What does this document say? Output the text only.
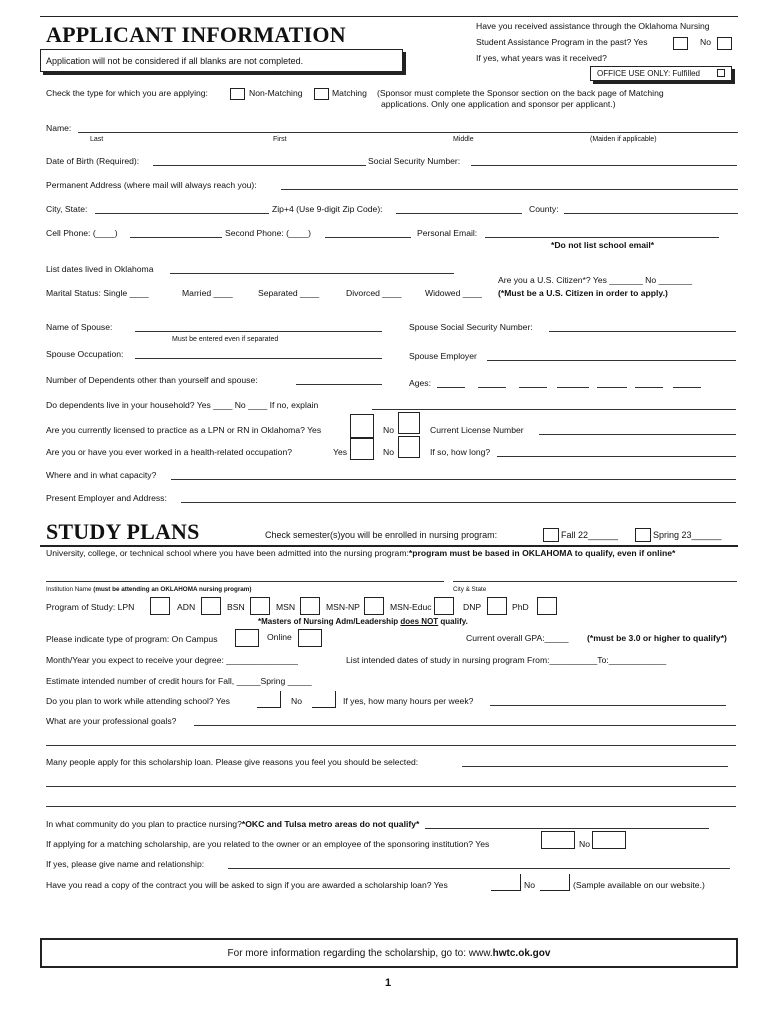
APPLICANT INFORMATION
Application will not be considered if all blanks are not completed.
Have you received assistance through the Oklahoma Nursing
Student Assistance Program in the past? Yes	No
If yes, what years was it received?
OFFICE USE ONLY: Fulfilled
Check the type for which you are applying:	Non-Matching	Matching (Sponsor must complete the Sponsor section on the back page of Matching
applications. Only one application and sponsor per applicant.)
Name:
Last	First	Middle	(Maiden if applicable)
Date of Birth (Required):	Social Security Number:
Permanent Address (where mail will always reach you):
City, State:	Zip+4 (Use 9-digit Zip Code):	County:
Cell Phone: (____)	Second Phone: (____)	Personal Email:
*Do not list school email*
List dates lived in Oklahoma
Are you a U.S. Citizen*? Yes _______ No _______
(*Must be a U.S. Citizen in order to apply.)
Marital Status: Single ____	Married ____	Separated ____	Divorced ____	Widowed ____
Name of Spouse:
Must be entered even if separated
Spouse Social Security Number:
Spouse Occupation:	Spouse Employer
Number of Dependents other than yourself and spouse:	Ages:
Do dependents live in your household? Yes ____ No ____ If no, explain
Are you currently licensed to practice as a LPN or RN in Oklahoma? Yes	No	Current License Number
Are you or have you ever worked in a health-related occupation?	Yes	No	If so, how long?
Where and in what capacity?
Present Employer and Address:
STUDY PLANS	Check semester(s)you will be enrolled in nursing program:	Fall 22______	Spring 23______
University, college, or technical school where you have been admitted into the nursing program:*program must be based in OKLAHOMA to qualify, even if online*
Institution Name (must be attending an OKLAHOMA nursing program)	City & State
Program of Study: LPN	ADN	BSN	MSN	MSN-NP	MSN-Educ	DNP	PhD
*Masters of Nursing Adm/Leadership does NOT qualify.
Please indicate type of program: On Campus	Online	Current overall GPA:_____ (*must be 3.0 or higher to qualify*)
Month/Year you expect to receive your degree: _______________	List intended dates of study in nursing program From:__________To:____________
Estimate intended number of credit hours for Fall, _____Spring _____
Do you plan to work while attending school? Yes	No	If yes, how many hours per week?
What are your professional goals?
Many people apply for this scholarship loan. Please give reasons you feel you should be selected:
In what community do you plan to practice nursing?*OKC and Tulsa metro areas do not qualify*
If applying for a matching scholarship, are you related to the owner or an employee of the sponsoring institution? Yes	No
If yes, please give name and relationship:
Have you read a copy of the contract you will be asked to sign if you are awarded a scholarship loan? Yes	No	(Sample available on our website.)
For more information regarding the scholarship, go to: www.hwtc.ok.gov
1
